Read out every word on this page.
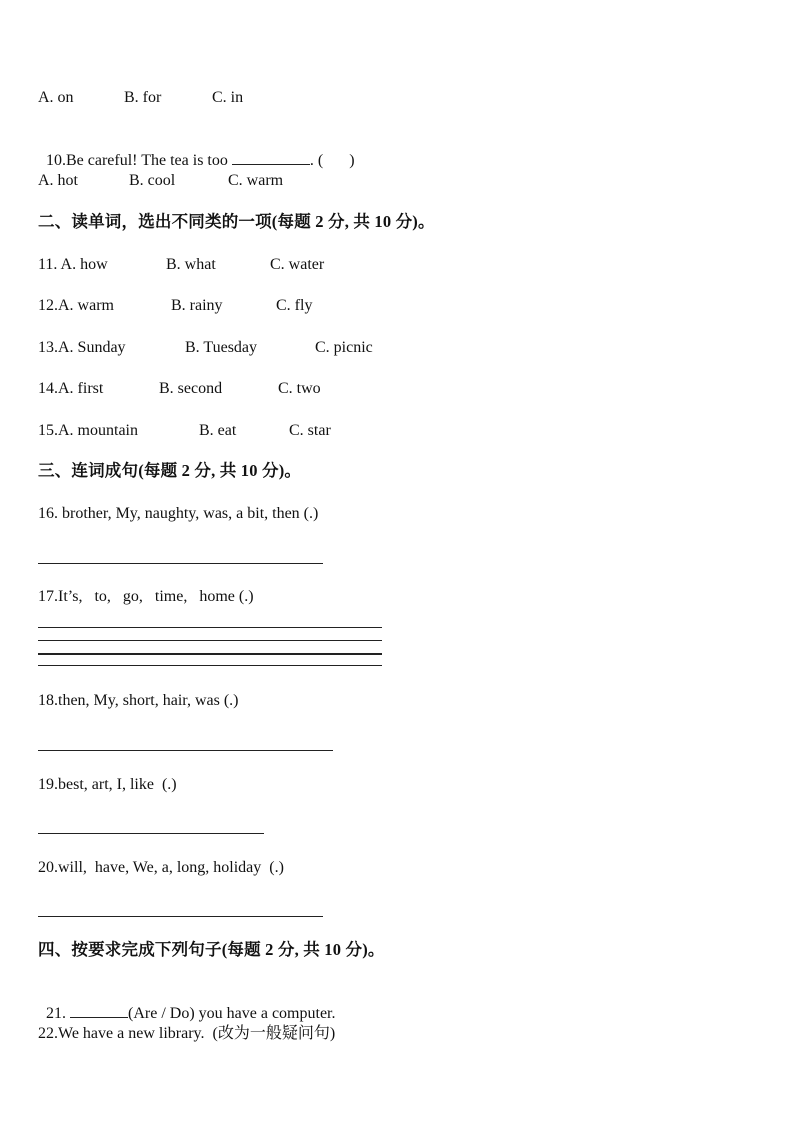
A. on	B. for	C. in

10.Be careful! The tea is too	. ( )

A. hot	B. cool	C. warm
二、读单词，选出不同类的一项(每题 2 分, 共 10 分)。
11. A. how	B. what	C. water
12.A. warm	B. rainy	C. fly
13.A. Sunday	B. Tuesday	C. picnic
14.A. first	B. second	C. two
15.A. mountain	B. eat	C. star
三、连词成句(每题 2 分, 共 10 分)。
16. brother, My, naughty, was, a bit, then (.)
17.It’s,   to,   go,   time,   home (.)
18.then, My, short, hair, was (.)
19.best, art, I, like  (.)
20.will,  have, We, a, long, holiday  (.)
四、按要求完成下列句子(每题 2 分, 共 10 分)。

21.	(Are / Do) you have a computer.

22.We have a new library.  (改为一般疑问句)
